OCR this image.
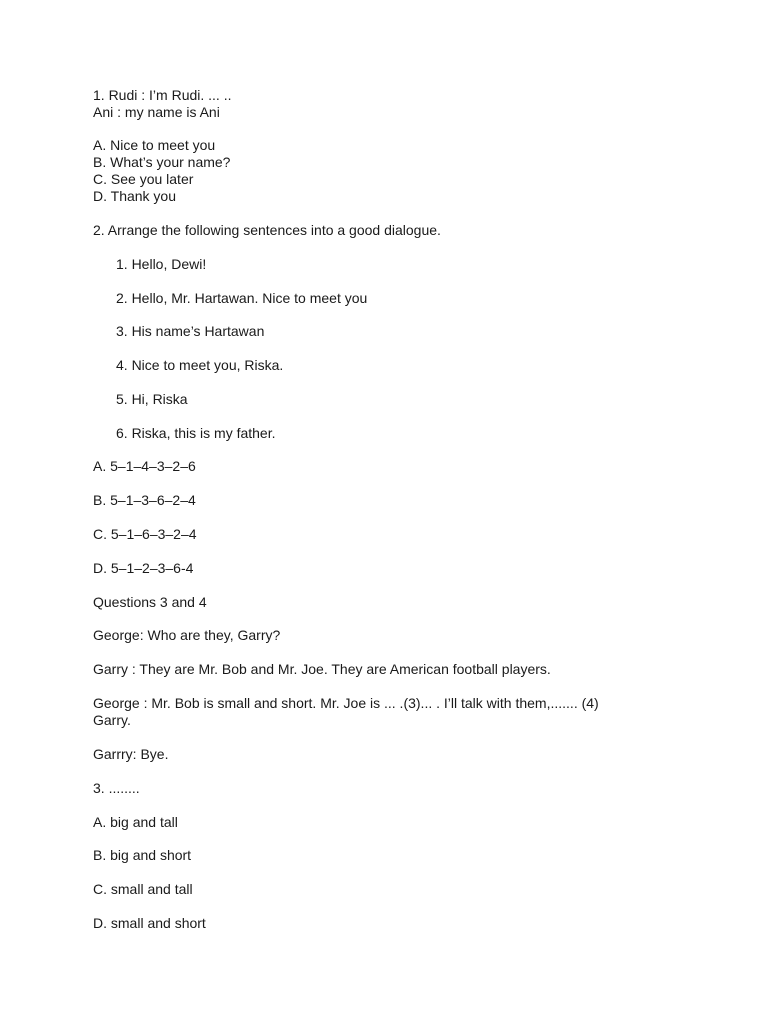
1. Rudi : I’m Rudi. ... ..
Ani : my name is Ani
A. Nice to meet you
B. What’s your name?
C. See you later
D. Thank you
2. Arrange the following sentences into a good dialogue.
1. Hello, Dewi!
2. Hello, Mr. Hartawan. Nice to meet you
3. His name’s Hartawan
4. Nice to meet you, Riska.
5. Hi, Riska
6. Riska, this is my father.
A. 5–1–4–3–2–6
B. 5–1–3–6–2–4
C. 5–1–6–3–2–4
D. 5–1–2–3–6-4
Questions 3 and 4
George: Who are they, Garry?
Garry : They are Mr. Bob and Mr. Joe. They are American football players.
George : Mr. Bob is small and short. Mr. Joe is ... .(3)... . I’ll talk with them,....... (4)
Garry.
Garrry: Bye.
3. ........
A. big and tall
B. big and short
C. small and tall
D. small and short
